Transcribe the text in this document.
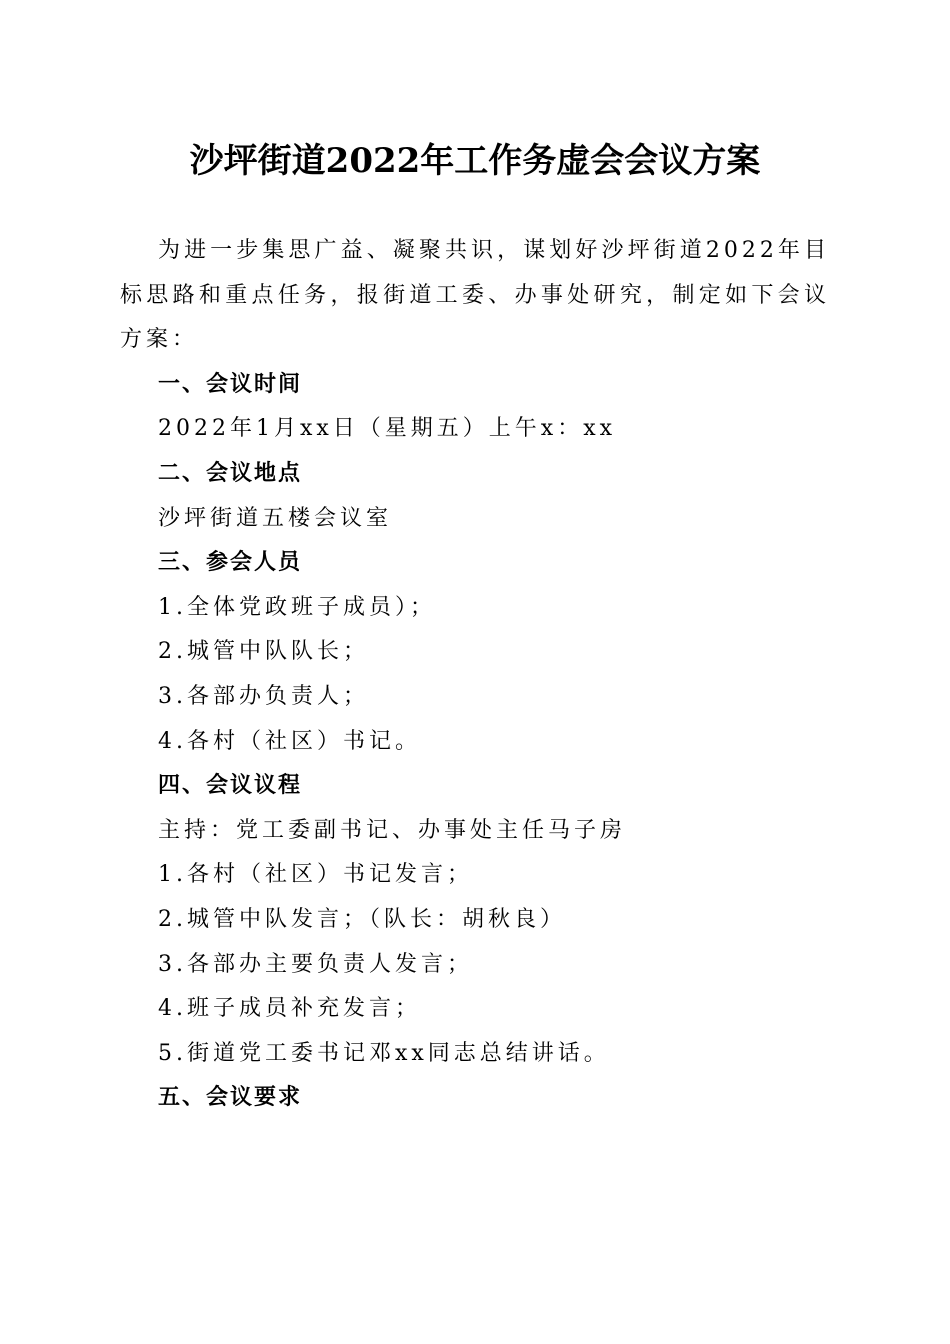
沙坪街道2022年工作务虚会会议方案

为进一步集思广益、凝聚共识，谋划好沙坪街道2022年目标思路和重点任务，报街道工委、办事处研究，制定如下会议方案：

一、会议时间

2022年1月xx日（星期五）上午x：xx

二、会议地点

沙坪街道五楼会议室

三、参会人员

1.全体党政班子成员）；

2.城管中队队长；

3.各部办负责人；

4.各村（社区）书记。

四、会议议程

主持：党工委副书记、办事处主任马子房

1.各村（社区）书记发言；

2.城管中队发言；（队长：胡秋良）

3.各部办主要负责人发言；

4.班子成员补充发言；

5.街道党工委书记邓xx同志总结讲话。

五、会议要求
